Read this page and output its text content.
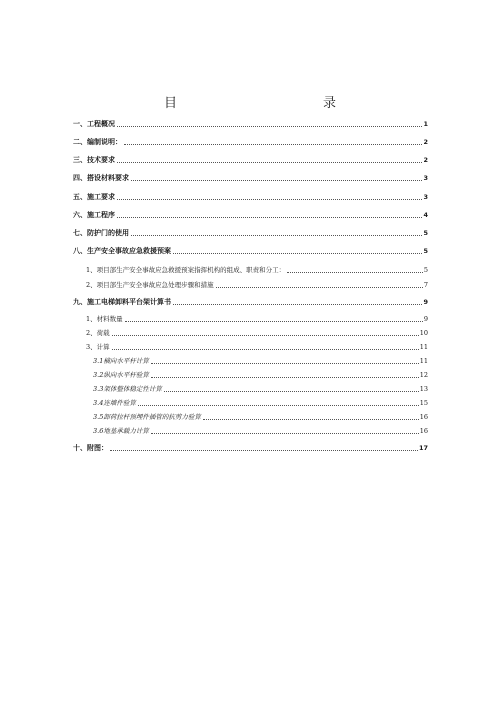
目　　录
一、工程概况	1
二、编制说明：	2
三、技术要求	2
四、搭设材料要求	3
五、施工要求	3
六、施工程序	4
七、防护门的使用	5
八、生产安全事故应急救援预案	5
1、项目部生产安全事故应急救援预案指挥机构的组成、职责和分工：	5
2、项目部生产安全事故应急处理步骤和措施	7
九、施工电梯卸料平台架计算书	9
1、材料数量	9
2、荷载	10
3、计算	11
3.1横向水平杆计算	11
3.2纵向水平杆验算	12
3.3架体整体稳定性计算	13
3.4连墙件验算	15
3.5卸荷拉杆预埋件插管的抗剪力验算	16
3.6地基承载力计算	16
十、附图：	17
